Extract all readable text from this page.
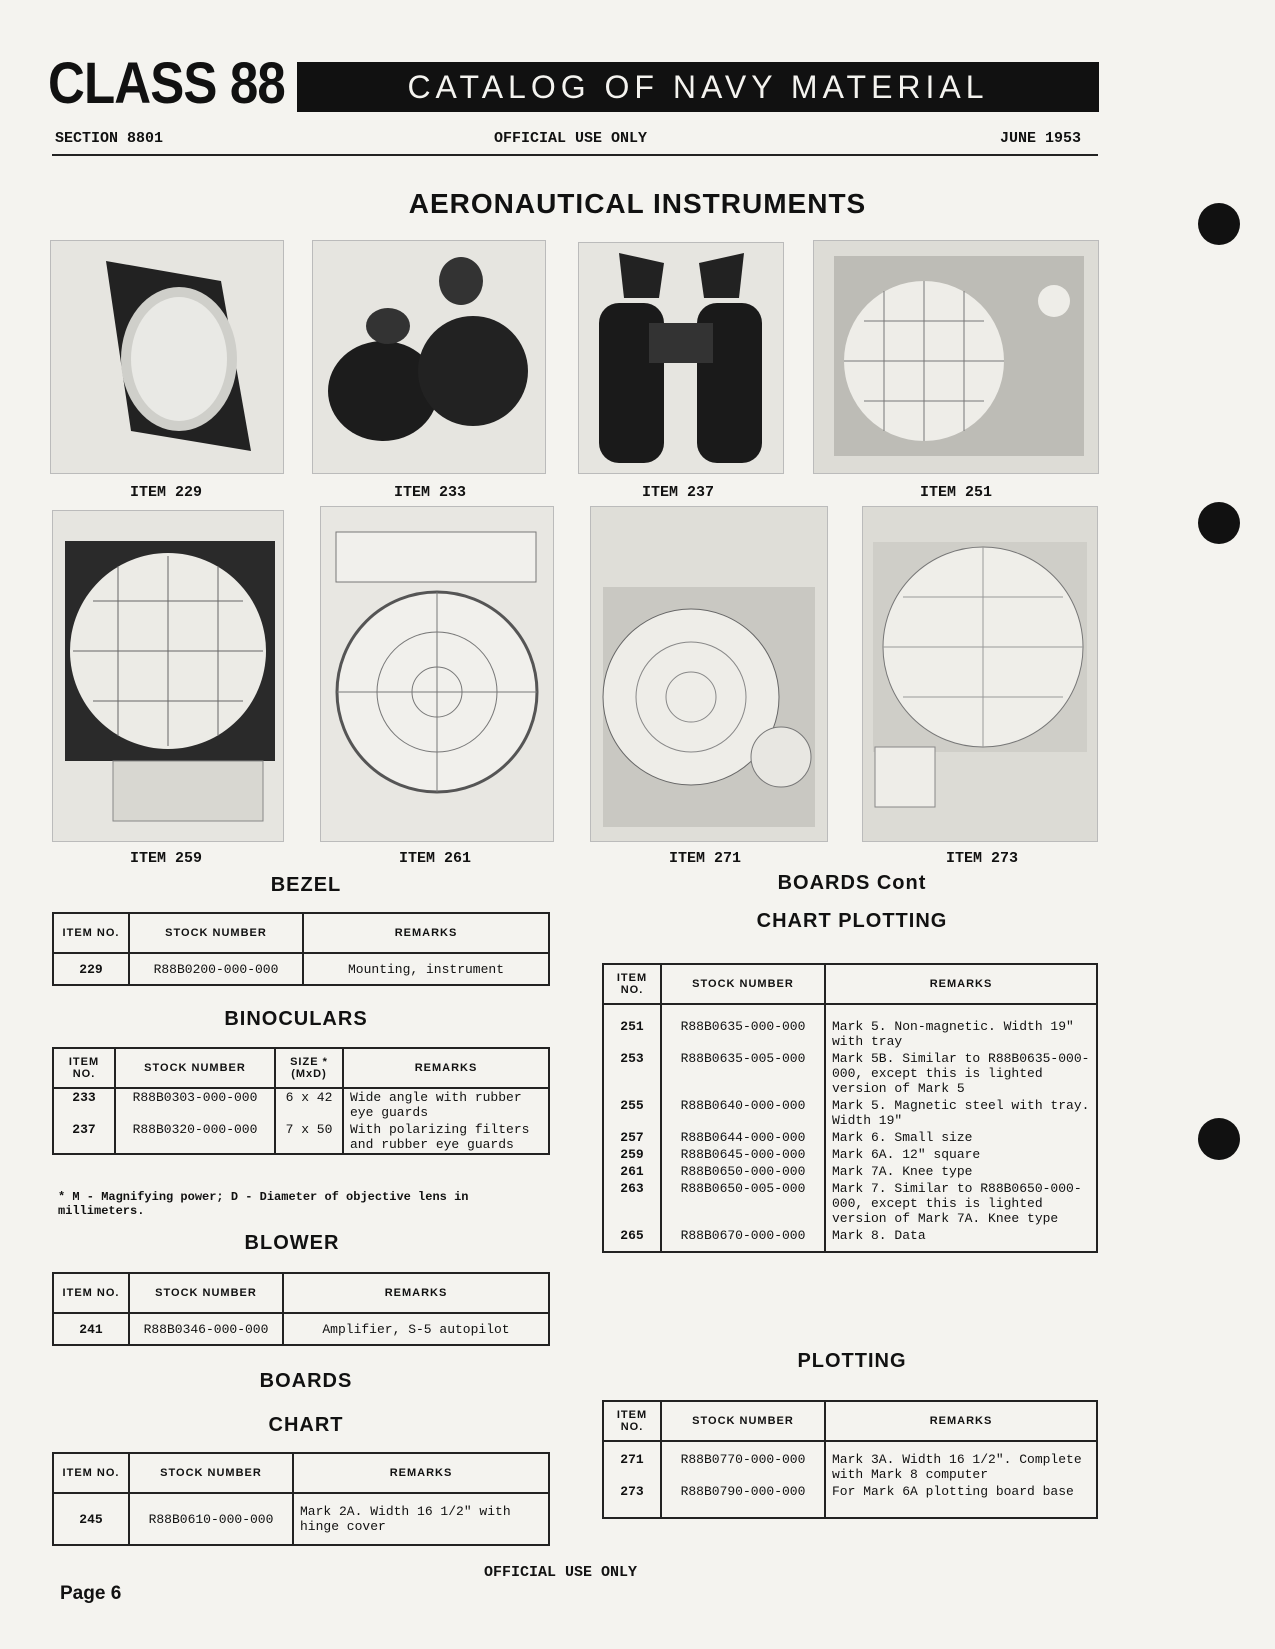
CLASS 88	CATALOG OF NAVY MATERIAL
SECTION 8801	OFFICIAL USE ONLY	JUNE 1953
AERONAUTICAL INSTRUMENTS
ITEM 229	ITEM 233	ITEM 237	ITEM 251
ITEM 259	ITEM 261	ITEM 271	ITEM 273
BEZEL
ITEM NO.	STOCK NUMBER	REMARKS
229	R88B0200-000-000	Mounting, instrument
BINOCULARS
ITEM NO.	STOCK NUMBER	SIZE *(MxD)	REMARKS
233	R88B0303-000-000	6 x 42	Wide angle with rubber eye guards
237	R88B0320-000-000	7 x 50	With polarizing filters and rubber eye guards
* M - Magnifying power; D - Diameter of objective lens in millimeters.
BLOWER
ITEM NO.	STOCK NUMBER	REMARKS
241	R88B0346-000-000	Amplifier, S-5 autopilot
BOARDS
CHART
ITEM NO.	STOCK NUMBER	REMARKS
245	R88B0610-000-000	Mark 2A. Width 16 1/2" with hinge cover
BOARDS Cont
CHART PLOTTING
ITEM NO.	STOCK NUMBER	REMARKS
251	R88B0635-000-000	Mark 5. Non-magnetic. Width 19" with tray
253	R88B0635-005-000	Mark 5B. Similar to R88B0635-000-000, except this is lighted version of Mark 5
255	R88B0640-000-000	Mark 5. Magnetic steel with tray. Width 19"
257	R88B0644-000-000	Mark 6. Small size
259	R88B0645-000-000	Mark 6A. 12" square
261	R88B0650-000-000	Mark 7A. Knee type
263	R88B0650-005-000	Mark 7. Similar to R88B0650-000-000, except this is lighted version of Mark 7A. Knee type
265	R88B0670-000-000	Mark 8. Data
PLOTTING
ITEM NO.	STOCK NUMBER	REMARKS
271	R88B0770-000-000	Mark 3A. Width 16 1/2". Complete with Mark 8 computer
273	R88B0790-000-000	For Mark 6A plotting board base
OFFICIAL USE ONLY
Page 6
